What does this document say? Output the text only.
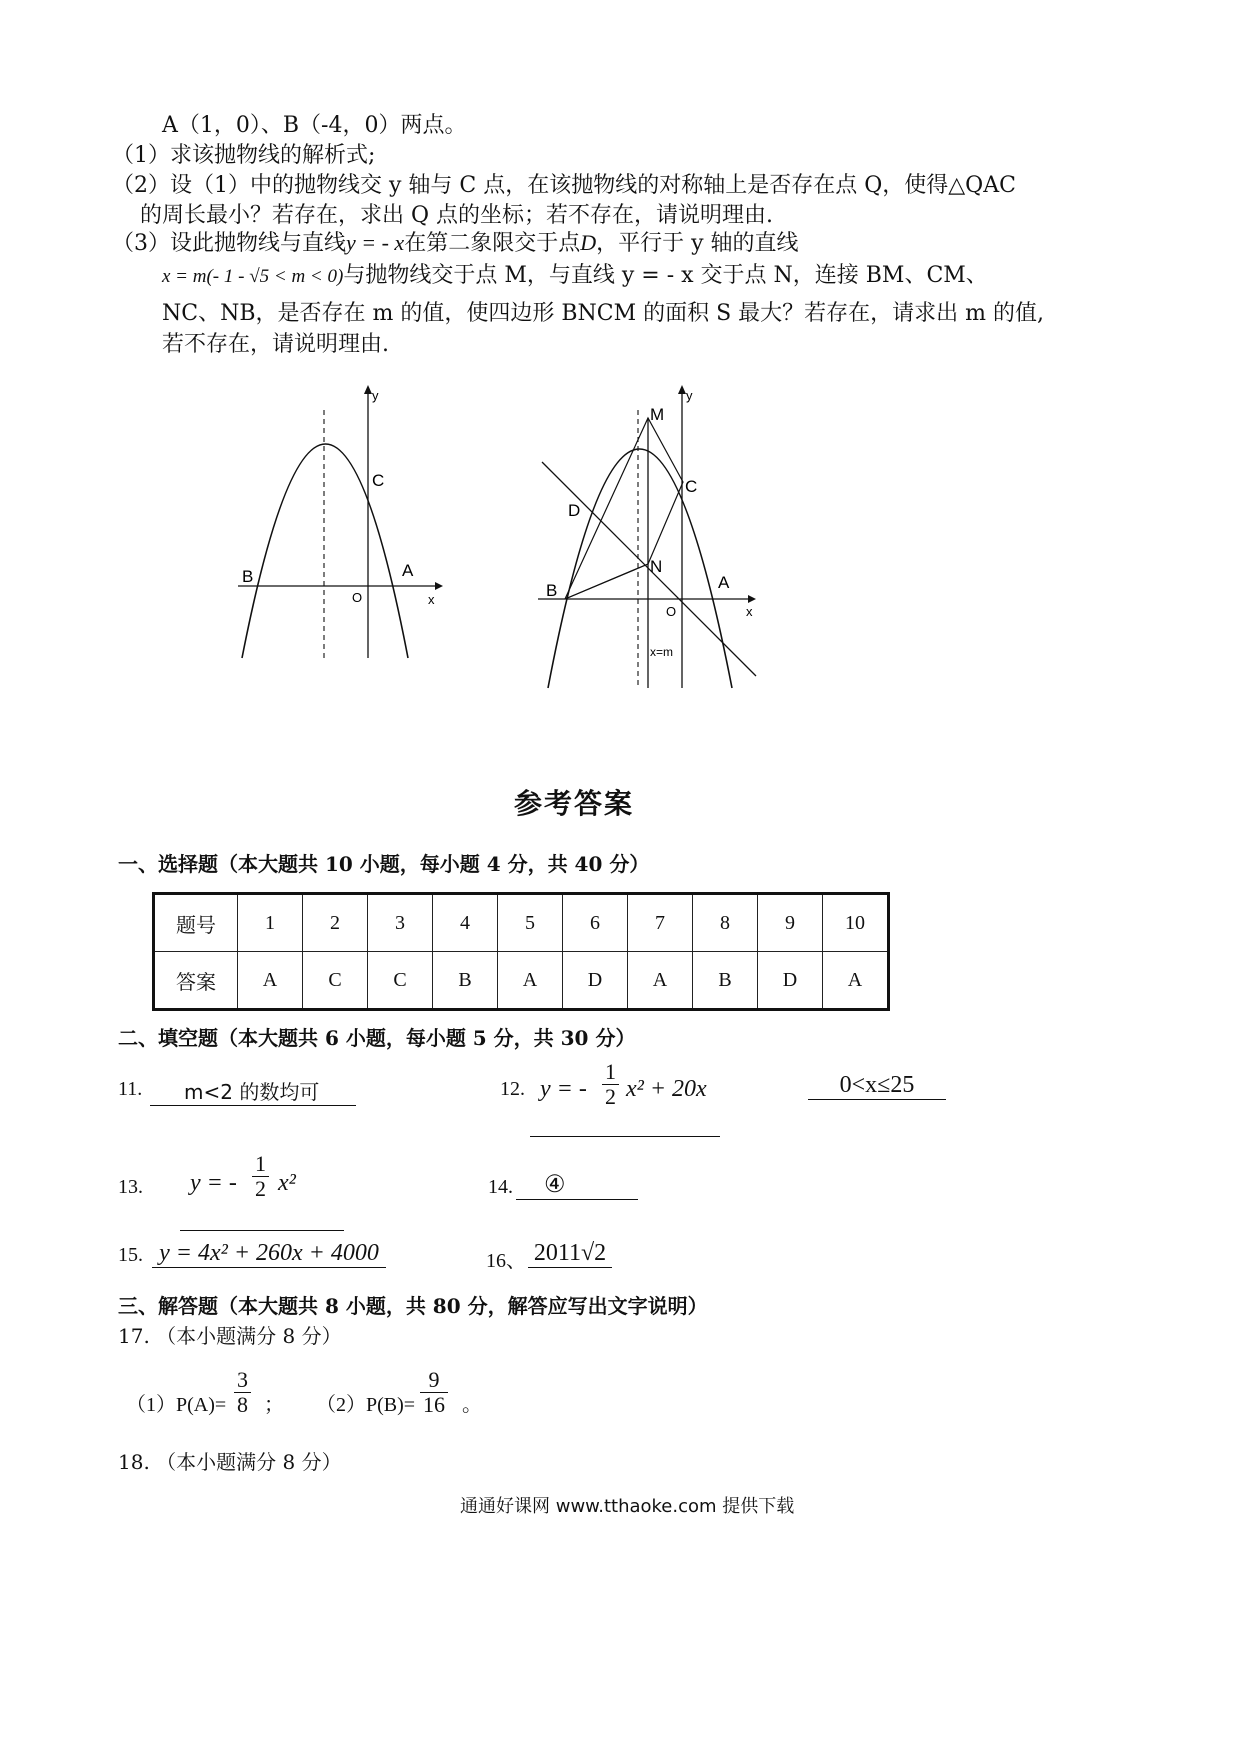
A（1，0）、B（-4，0）两点。
（1）求该抛物线的解析式;
（2）设（1）中的抛物线交 y 轴与 C 点，在该抛物线的对称轴上是否存在点 Q，使得△QAC
的周长最小？若存在，求出 Q 点的坐标；若不存在，请说明理由.
（3）设此抛物线与直线y = - x在第二象限交于点D，平行于 y 轴的直线
x = m(- 1 - √5 < m < 0)与抛物线交于点 M，与直线 y = - x 交于点 N，连接 BM、CM、
NC、NB，是否存在 m 的值，使四边形 BNCM 的面积 S 最大？若存在，请求出 m 的值,
若不存在，请说明理由.
B
C
A
O	x
y
M
C
D
N
B	A
O	x
y
x=m
参考答案
一、选择题（本大题共 10 小题，每小题 4 分，共 40 分）
题号	1	2	3	4	5	6	7	8	9	10
答案	A	C	C	B	A	D	A	B	D	A
二、填空题（本大题共 6 小题，每小题 5 分，共 30 分）
11.	m<2 的数均可	12. y = - $\frac{1}{2} x^2 + 20x$	0<x≤25
13. y = - $\frac{1}{2} x^2$	14.	④
15. y = 4x² + 260x + 4000	16、 2011√2
三、解答题（本大题共 8 小题，共 80 分，解答应写出文字说明）
17. （本小题满分 8 分）
$(1)P(A)= \frac{3}{8}$ ； $(2)P(B)= \frac{9}{16}$ 。
18. （本小题满分 8 分）
通通好课网 www.tthaoke.com 提供下载
